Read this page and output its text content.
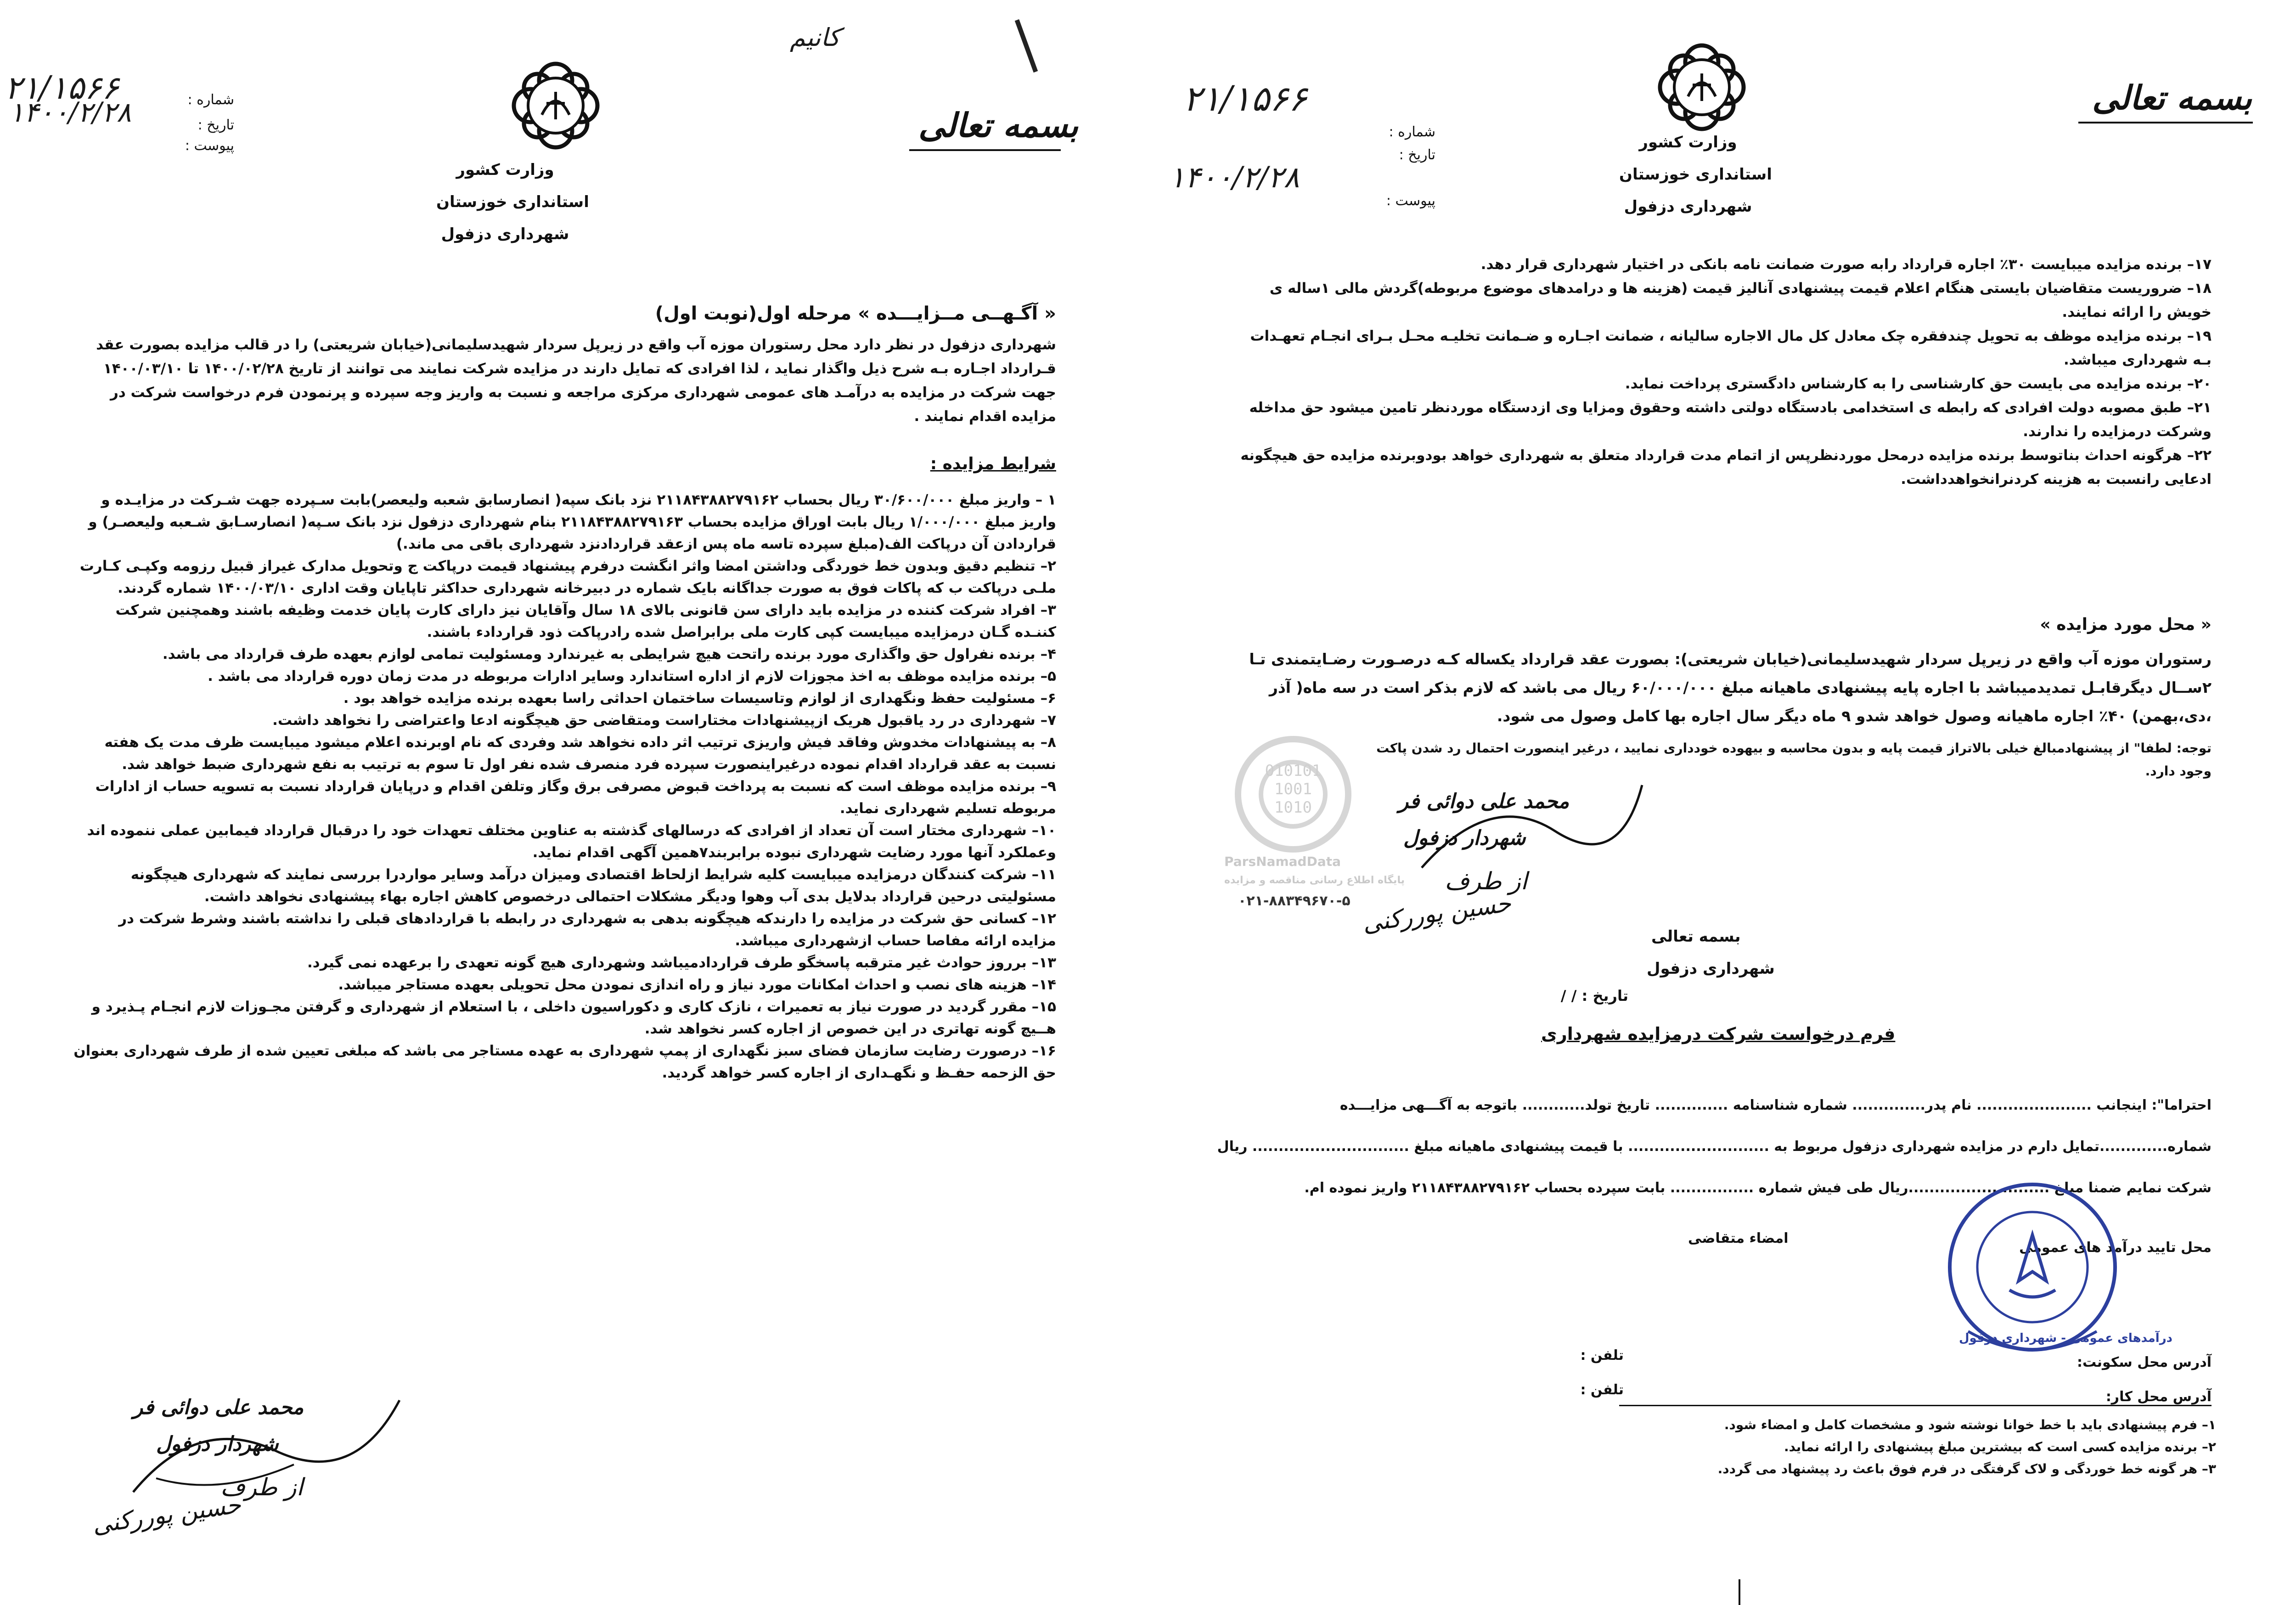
کانیم
شماره :
۲۱/۱۵۶۶
تاریخ :
۱۴۰۰/۲/۲۸
پیوست :
وزارت کشور
استانداری خوزستان
شهرداری دزفول
بسمه تعالی
« آگـهــی مــزایـــده » مرحله اول(نوبت اول)
شهرداری دزفول در نظر دارد محل رستوران موزه آب واقع در زیرپل سردار شهیدسلیمانی(خیابان شریعتی) را در قالب مزایده بصورت عقد قـرارداد اجـاره بـه شرح ذیل واگذار نماید ، لذا افرادی که تمایل دارند در مزایده شرکت نمایند می توانند از تاریخ ۱۴۰۰/۰۲/۲۸ تا ۱۴۰۰/۰۳/۱۰ جهت شرکت در مزایده به درآمـد های عمومی شهرداری مرکزی مراجعه و نسبت به واریز وجه سپرده و پرنمودن فرم درخواست شرکت در مزایده اقدام نمایند .
شرایط مزایده :

۱ – واریز مبلغ ۳۰/۶۰۰/۰۰۰ ریال بحساب ۲۱۱۸۴۳۸۸۲۷۹۱۶۲ نزد بانک سپه( انصارسابق شعبه ولیعصر)بابت سـپرده جهت شـرکت در مزایـده و واریز مبلغ ۱/۰۰۰/۰۰۰ ریال بابت اوراق مزایده بحساب ۲۱۱۸۴۳۸۸۲۷۹۱۶۳ بنام شهرداری دزفول نزد بانک سـپه( انصارسـابق شـعبه ولیعصـر) و قراردادن آن درپاکت الف(مبلغ سپرده تاسه ماه پس ازعقد قراردادنزد شهرداری باقی می ماند.)

۲– تنظیم دقیق وبدون خط خوردگی وداشتن امضا واثر انگشت درفرم پیشنهاد قیمت درپاکت ج وتحویل مدارک غیراز قبیل رزومه وکپـی کـارت ملـی درپاکت ب که پاکات فوق به صورت جداگانه بایک شماره در دبیرخانه شهرداری حداکثر تاپایان وقت اداری ۱۴۰۰/۰۳/۱۰ شماره گردند.

۳– افراد شرکت کننده در مزایده باید دارای سن قانونی بالای ۱۸ سال وآقایان نیز دارای کارت پایان خدمت وظیفه باشند وهمچنین شرکت کننـده گـان درمزایده میبایست کپی کارت ملی برابراصل شده رادرپاکت ذود قراردادء باشند.

۴– برنده نفراول حق واگذاری مورد برنده راتحت هیچ شرایطی به غیرندارد ومسئولیت تمامی لوازم بعهده طرف قرارداد می باشد.

۵– برنده مزایده موظف به اخذ مجوزات لازم از اداره استاندارد وسایر ادارات مربوطه در مدت زمان دوره قرارداد می باشد .

۶– مسئولیت حفظ ونگهداری از لوازم وتاسیسات ساختمان احداثی راسا بعهده برنده مزایده خواهد بود .

۷– شهرداری در رد یاقبول هریک ازپیشنهادات مختاراست ومتقاضی حق هیچگونه ادعا واعتراضی را نخواهد داشت.

۸– به پیشنهادات مخدوش وفاقد فیش واریزی ترتیب اثر داده نخواهد شد وفردی که نام اوبرنده اعلام میشود میبایست ظرف مدت یک هفته نسبت به عقد قرارداد اقدام نموده درغیراینصورت سپرده فرد منصرف شده نفر اول تا سوم به ترتیب به نفع شهرداری ضبط خواهد شد.

۹– برنده مزایده موظف است که نسبت به پرداخت قبوض مصرفی برق وگاز وتلفن اقدام و درپایان قرارداد نسبت به تسویه حساب از ادارات مربوطه تسلیم شهرداری نماید.

۱۰– شهرداری مختار است آن تعداد از افرادی که درسالهای گذشته به عناوین مختلف تعهدات خود را درقبال قرارداد فیمابین عملی ننموده اند وعملکرد آنها مورد رضایت شهرداری نبوده برابربند۷همین آگهی اقدام نماید.

۱۱– شرکت کنندگان درمزایده میبایست کلیه شرایط ازلحاظ اقتصادی ومیزان درآمد وسایر مواردرا بررسی نمایند که شهرداری هیچگونه مسئولیتی درحین قرارداد بدلایل بدی آب وهوا ودیگر مشکلات احتمالی درخصوص کاهش اجاره بهاء پیشنهادی نخواهد داشت.

۱۲– کسانی حق شرکت در مزایده را دارندکه هیچگونه بدهی به شهرداری در رابطه با قراردادهای قبلی را نداشته باشند وشرط شرکت در مزایده ارائه مفاصا حساب ازشهرداری میباشد.

۱۳– برروز حوادث غیر مترقبه پاسخگو طرف قراردادمیباشد وشهرداری هیچ گونه تعهدی را برعهده نمی گیرد.

۱۴– هزینه های نصب و احداث امکانات مورد نیاز و راه اندازی نمودن محل تحویلی بعهده مستاجر میباشد.

۱۵– مقرر گردید در صورت نیاز به تعمیرات ، نازک کاری و دکوراسیون داخلی ، با استعلام از شهرداری و گرفتن مجـوزات لازم انجـام پـذیرد و هــیچ گونه تهاتری در این خصوص از اجاره کسر نخواهد شد.

۱۶– درصورت رضایت سازمان فضای سبز نگهداری از پمپ شهرداری به عهده مستاجر می باشد که مبلغی تعیین شده از طرف شهرداری بعنوان حق الزحمه حفـظ و نگهـداری از اجاره کسر خواهد گردید.

محمد علی دوائی فر
شهردار دزفول
از طرف
حسین پوررکنی
۲۱/۱۵۶۶
شماره :
تاریخ :
۱۴۰۰/۲/۲۸
پیوست :
وزارت کشور
استانداری خوزستان
شهرداری دزفول
بسمه تعالی

۱۷– برنده مزایده میبایست ۳۰٪ اجاره قرارداد رابه صورت ضمانت نامه بانکی در اختیار شهرداری قرار دهد.

۱۸– ضروریست متقاضیان بایستی هنگام اعلام قیمت پیشنهادی آنالیز قیمت (هزینه ها و درامدهای موضوع مربوطه)گردش مالی ۱ساله ی خویش را ارائه نمایند.

۱۹– برنده مزایده موظف به تحویل چندفقره چک معادل کل مال الاجاره سالیانه ، ضمانت اجـاره و ضـمانت تخلیـه محـل بـرای انجـام تعهـدات بـه شهرداری میباشد.

۲۰– برنده مزایده می بایست حق کارشناسی را به کارشناس دادگستری پرداخت نماید.

۲۱– طبق مصوبه دولت افرادی که رابطه ی استخدامی بادستگاه دولتی داشته وحقوق ومزایا وی ازدستگاه موردنظر تامین میشود حق مداخله وشرکت درمزایده را ندارند.

۲۲– هرگونه احداث بناتوسط برنده مزایده درمحل موردنظرپس از اتمام مدت قرارداد متعلق به شهرداری خواهد بودوبرنده مزایده حق هیچگونه ادعایی رانسبت به هزینه کردنرانخواهدداشت.

« محل مورد مزایده »
رستوران موزه آب واقع در زیرپل سردار شهیدسلیمانی(خیابان شریعتی): بصورت عقد قرارداد یکساله کـه درصـورت رضـایتمندی تـا ۲ســال دیگرقابـل تمدیدمیباشد با اجاره پایه پیشنهادی ماهیانه مبلغ ۶۰/۰۰۰/۰۰۰ ریال می باشد که لازم بذکر است در سه ماه( آذر ،دی،بهمن) ۴۰٪ اجاره ماهیانه وصول خواهد شدو ۹ ماه دیگر سال اجاره بها کامل وصول می شود.
توجه: لطفا" از پیشنهادمبالغ خیلی بالاتراز قیمت پایه و بدون محاسبه و بیهوده خودداری نمایید ، درغیر اینصورت احتمال رد شدن پاکت وجود دارد.
010101
1001
1010
ParsNamadData
پایگاه اطلاع رسانی مناقصه و مزایده
۰۲۱-۸۸۳۴۹۶۷۰-۵
محمد علی دوائی فر
شهردار دزفول
از طرف
حسین پوررکنی	بسمه تعالی
شهرداری دزفول
تاریخ : / /
فرم درخواست شرکت درمزایده شهرداری
احتراما": اینجانب ...................... نام پدر.............. شماره شناسنامه .............. تاریخ تولد............ باتوجه به آگـــهی مزایـــده
شماره.............تمایل دارم در مزایده شهرداری دزفول مربوط به ........................... با قیمت پیشنهادی ماهیانه مبلغ .............................. ریال
شرکت نمایم ضمنا مبلغ ...........................ریال طی فیش شماره ................ بابت سپرده بحساب ۲۱۱۸۴۳۸۸۲۷۹۱۶۲ واریز نموده ام.
امضاء متقاضی
محل تایید درآمد های عمومی
درآمدهای عمومی - شهرداری دزفول
آدرس محل سکونت:
تلفن :
آدرس محل کار:
تلفن :

۱– فرم پیشنهادی باید با خط خوانا نوشته شود و مشخصات کامل و امضاء شود.

۲– برنده مزایده کسی است که بیشترین مبلغ پیشنهادی را ارائه نماید.

۳– هر گونه خط خوردگی و لاک گرفتگی در فرم فوق باعث رد پیشنهاد می گردد.
